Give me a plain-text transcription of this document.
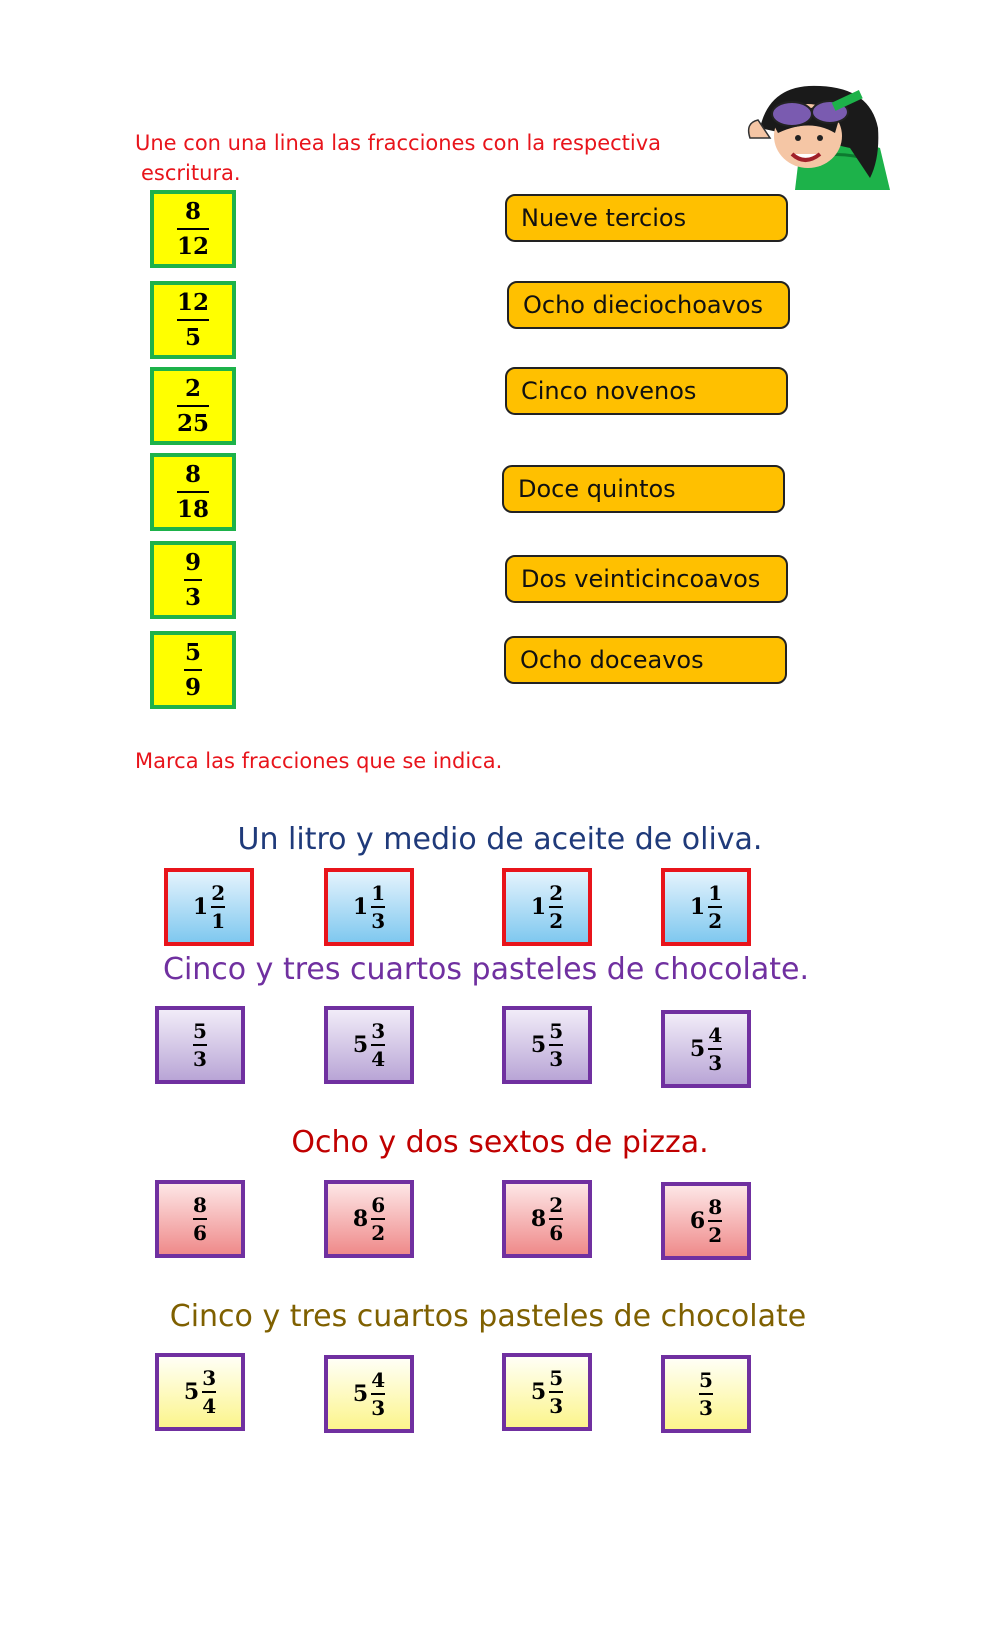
Une con una linea las fracciones con la respectiva
escritura.
$\frac{8}{12}$
$\frac{12}{5}$
$\frac{2}{25}$
$\frac{8}{18}$
$\frac{9}{3}$
$\frac{5}{9}$
Nueve tercios
Ocho dieciochoavos
Cinco novenos
Doce quintos
Dos veinticincoavos
Ocho doceavos
Marca las fracciones que se indica.
Un litro y medio de aceite de oliva.
$1 \frac{2}{1}$	$1 \frac{1}{3}$	$1 \frac{2}{2}$	$1 \frac{1}{2}$
Cinco y tres cuartos pasteles de chocolate.
$\frac{5}{3}$	$5 \frac{3}{4}$	$5 \frac{5}{3}$	$5 \frac{4}{3}$
Ocho y dos sextos de pizza.
$\frac{8}{6}$	$8 \frac{6}{2}$	$8 \frac{2}{6}$	$6 \frac{8}{2}$
Cinco y tres cuartos pasteles de chocolate
$5 \frac{3}{4}$	$5 \frac{4}{3}$	$5 \frac{5}{3}$	$\frac{5}{3}$
